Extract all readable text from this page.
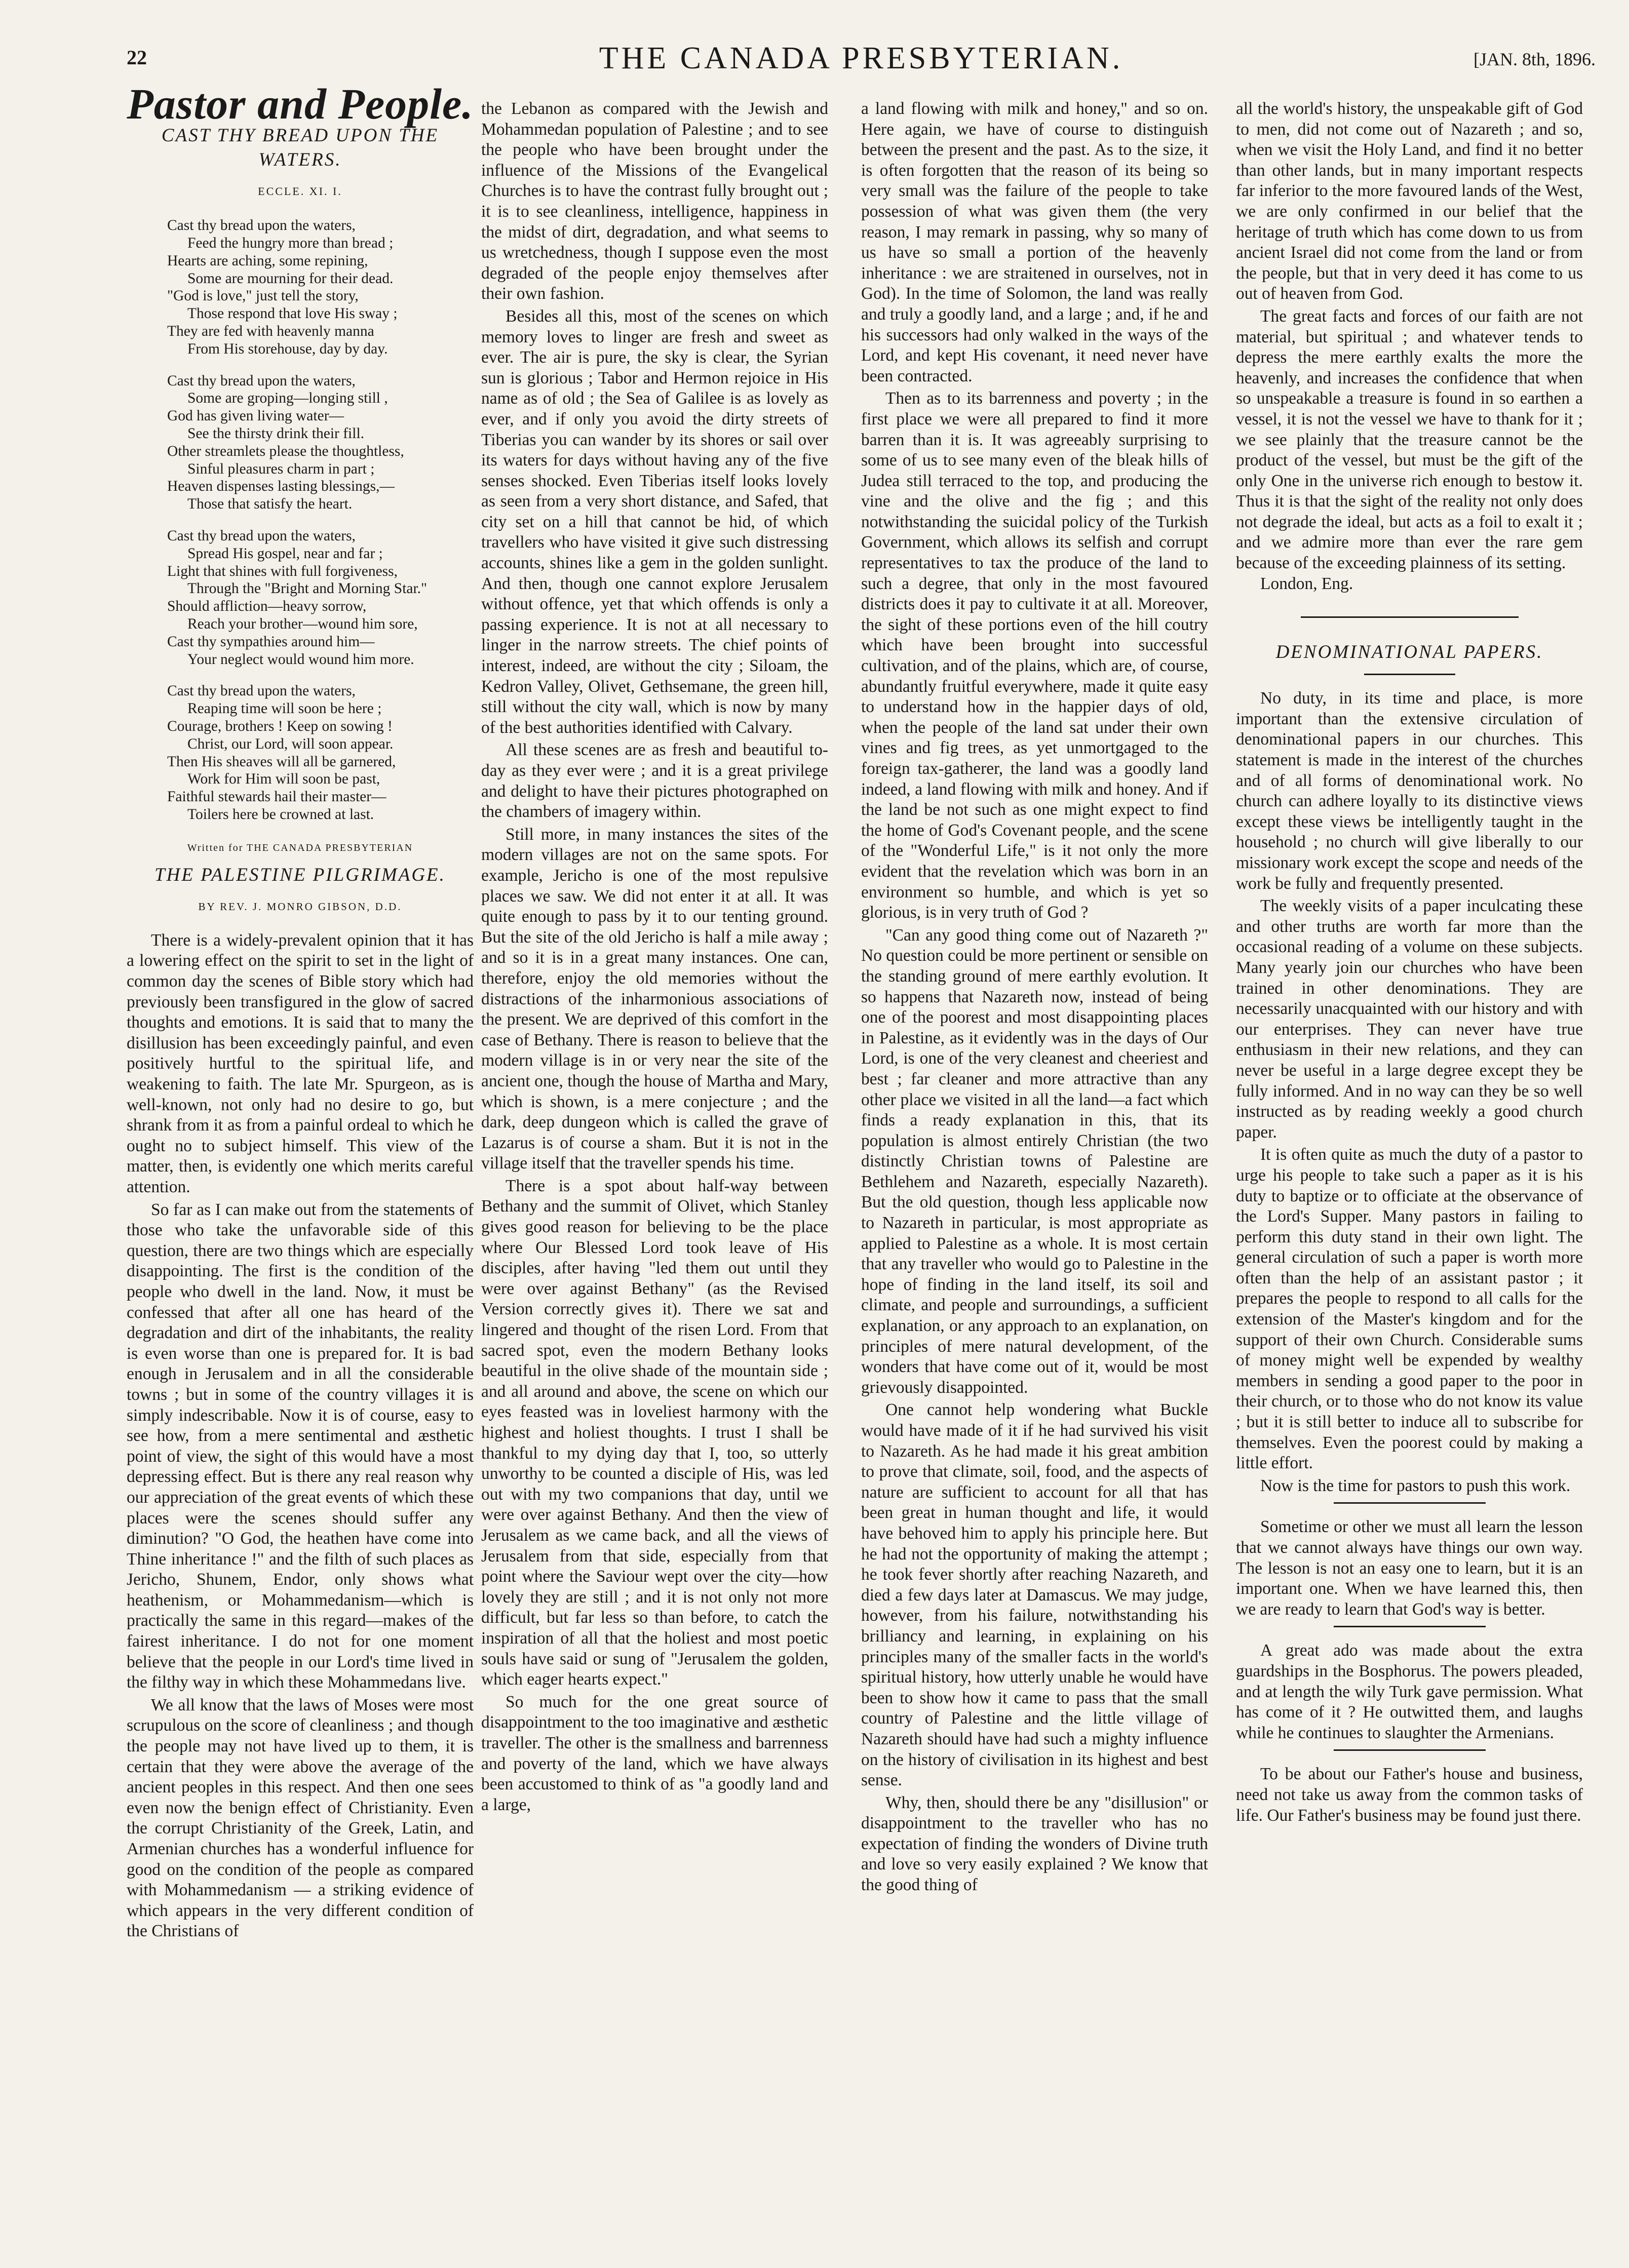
22	THE CANADA PRESBYTERIAN.	[JAN. 8th, 1896.
Pastor and People.
CAST THY BREAD UPON THE WATERS.
ECCLE. XI. I.
Cast thy bread upon the waters,
Feed the hungry more than bread ;
Hearts are aching, some repining,
Some are mourning for their dead.
"God is love," just tell the story,
Those respond that love His sway ;
They are fed with heavenly manna
From His storehouse, day by day.
Cast thy bread upon the waters,
Some are groping—longing still ,
God has given living water—
See the thirsty drink their fill.
Other streamlets please the thoughtless,
Sinful pleasures charm in part ;
Heaven dispenses lasting blessings,—
Those that satisfy the heart.
Cast thy bread upon the waters,
Spread His gospel, near and far ;
Light that shines with full forgiveness,
Through the "Bright and Morning Star."
Should affliction—heavy sorrow,
Reach your brother—wound him sore,
Cast thy sympathies around him—
Your neglect would wound him more.
Cast thy bread upon the waters,
Reaping time will soon be here ;
Courage, brothers ! Keep on sowing !
Christ, our Lord, will soon appear.
Then His sheaves will all be garnered,
Work for Him will soon be past,
Faithful stewards hail their master—
Toilers here be crowned at last.
Written for THE CANADA PRESBYTERIAN
THE PALESTINE PILGRIMAGE.
BY REV. J. MONRO GIBSON, D.D.

There is a widely-prevalent opinion that it has a lowering effect on the spirit to set in the light of common day the scenes of Bible story which had previously been transfigured in the glow of sacred thoughts and emotions. It is said that to many the disillusion has been exceedingly painful, and even positively hurtful to the spiritual life, and weakening to faith. The late Mr. Spurgeon, as is well-known, not only had no desire to go, but shrank from it as from a painful ordeal to which he ought no to subject himself. This view of the matter, then, is evidently one which merits careful attention.

So far as I can make out from the statements of those who take the unfavorable side of this question, there are two things which are especially disappointing. The first is the condition of the people who dwell in the land. Now, it must be confessed that after all one has heard of the degradation and dirt of the inhabitants, the reality is even worse than one is prepared for. It is bad enough in Jerusalem and in all the considerable towns ; but in some of the country villages it is simply indescribable. Now it is of course, easy to see how, from a mere sentimental and æsthetic point of view, the sight of this would have a most depressing effect. But is there any real reason why our appreciation of the great events of which these places were the scenes should suffer any diminution? "O God, the heathen have come into Thine inheritance !" and the filth of such places as Jericho, Shunem, Endor, only shows what heathenism, or Mohammedanism—which is practically the same in this regard—makes of the fairest inheritance. I do not for one moment believe that the people in our Lord's time lived in the filthy way in which these Mohammedans live.

We all know that the laws of Moses were most scrupulous on the score of cleanliness ; and though the people may not have lived up to them, it is certain that they were above the average of the ancient peoples in this respect. And then one sees even now the benign effect of Christianity. Even the corrupt Christianity of the Greek, Latin, and Armenian churches has a wonderful influence for good on the condition of the people as compared with Mohammedanism — a striking evidence of which appears in the very different condition of the Christians of

the Lebanon as compared with the Jewish and Mohammedan population of Palestine ; and to see the people who have been brought under the influence of the Missions of the Evangelical Churches is to have the contrast fully brought out ; it is to see cleanliness, intelligence, happiness in the midst of dirt, degradation, and what seems to us wretchedness, though I suppose even the most degraded of the people enjoy themselves after their own fashion.

Besides all this, most of the scenes on which memory loves to linger are fresh and sweet as ever. The air is pure, the sky is clear, the Syrian sun is glorious ; Tabor and Hermon rejoice in His name as of old ; the Sea of Galilee is as lovely as ever, and if only you avoid the dirty streets of Tiberias you can wander by its shores or sail over its waters for days without having any of the five senses shocked. Even Tiberias itself looks lovely as seen from a very short distance, and Safed, that city set on a hill that cannot be hid, of which travellers who have visited it give such distressing accounts, shines like a gem in the golden sunlight. And then, though one cannot explore Jerusalem without offence, yet that which offends is only a passing experience. It is not at all necessary to linger in the narrow streets. The chief points of interest, indeed, are without the city ; Siloam, the Kedron Valley, Olivet, Gethsemane, the green hill, still without the city wall, which is now by many of the best authorities identified with Calvary.

All these scenes are as fresh and beautiful to-day as they ever were ; and it is a great privilege and delight to have their pictures photographed on the chambers of imagery within.

Still more, in many instances the sites of the modern villages are not on the same spots. For example, Jericho is one of the most repulsive places we saw. We did not enter it at all. It was quite enough to pass by it to our tenting ground. But the site of the old Jericho is half a mile away ; and so it is in a great many instances. One can, therefore, enjoy the old memories without the distractions of the inharmonious associations of the present. We are deprived of this comfort in the case of Bethany. There is reason to believe that the modern village is in or very near the site of the ancient one, though the house of Martha and Mary, which is shown, is a mere conjecture ; and the dark, deep dungeon which is called the grave of Lazarus is of course a sham. But it is not in the village itself that the traveller spends his time.

There is a spot about half-way between Bethany and the summit of Olivet, which Stanley gives good reason for believing to be the place where Our Blessed Lord took leave of His disciples, after having "led them out until they were over against Bethany" (as the Revised Version correctly gives it). There we sat and lingered and thought of the risen Lord. From that sacred spot, even the modern Bethany looks beautiful in the olive shade of the mountain side ; and all around and above, the scene on which our eyes feasted was in loveliest harmony with the highest and holiest thoughts. I trust I shall be thankful to my dying day that I, too, so utterly unworthy to be counted a disciple of His, was led out with my two companions that day, until we were over against Bethany. And then the view of Jerusalem as we came back, and all the views of Jerusalem from that side, especially from that point where the Saviour wept over the city—how lovely they are still ; and it is not only not more difficult, but far less so than before, to catch the inspiration of all that the holiest and most poetic souls have said or sung of "Jerusalem the golden, which eager hearts expect."

So much for the one great source of disappointment to the too imaginative and æsthetic traveller. The other is the smallness and barrenness and poverty of the land, which we have always been accustomed to think of as "a goodly land and a large,

a land flowing with milk and honey," and so on. Here again, we have of course to distinguish between the present and the past. As to the size, it is often forgotten that the reason of its being so very small was the failure of the people to take possession of what was given them (the very reason, I may remark in passing, why so many of us have so small a portion of the heavenly inheritance : we are straitened in ourselves, not in God). In the time of Solomon, the land was really and truly a goodly land, and a large ; and, if he and his successors had only walked in the ways of the Lord, and kept His covenant, it need never have been contracted.

Then as to its barrenness and poverty ; in the first place we were all prepared to find it more barren than it is. It was agreeably surprising to some of us to see many even of the bleak hills of Judea still terraced to the top, and producing the vine and the olive and the fig ; and this notwithstanding the suicidal policy of the Turkish Government, which allows its selfish and corrupt representatives to tax the produce of the land to such a degree, that only in the most favoured districts does it pay to cultivate it at all. Moreover, the sight of these portions even of the hill coutry which have been brought into successful cultivation, and of the plains, which are, of course, abundantly fruitful everywhere, made it quite easy to understand how in the happier days of old, when the people of the land sat under their own vines and fig trees, as yet unmortgaged to the foreign tax-gatherer, the land was a goodly land indeed, a land flowing with milk and honey. And if the land be not such as one might expect to find the home of God's Covenant people, and the scene of the "Wonderful Life," is it not only the more evident that the revelation which was born in an environment so humble, and which is yet so glorious, is in very truth of God ?

"Can any good thing come out of Nazareth ?" No question could be more pertinent or sensible on the standing ground of mere earthly evolution. It so happens that Nazareth now, instead of being one of the poorest and most disappointing places in Palestine, as it evidently was in the days of Our Lord, is one of the very cleanest and cheeriest and best ; far cleaner and more attractive than any other place we visited in all the land—a fact which finds a ready explanation in this, that its population is almost entirely Christian (the two distinctly Christian towns of Palestine are Bethlehem and Nazareth, especially Nazareth). But the old question, though less applicable now to Nazareth in particular, is most appropriate as applied to Palestine as a whole. It is most certain that any traveller who would go to Palestine in the hope of finding in the land itself, its soil and climate, and people and surroundings, a sufficient explanation, or any approach to an explanation, on principles of mere natural development, of the wonders that have come out of it, would be most grievously disappointed.

One cannot help wondering what Buckle would have made of it if he had survived his visit to Nazareth. As he had made it his great ambition to prove that climate, soil, food, and the aspects of nature are sufficient to account for all that has been great in human thought and life, it would have behoved him to apply his principle here. But he had not the opportunity of making the attempt ; he took fever shortly after reaching Nazareth, and died a few days later at Damascus. We may judge, however, from his failure, notwithstanding his brilliancy and learning, in explaining on his principles many of the smaller facts in the world's spiritual history, how utterly unable he would have been to show how it came to pass that the small country of Palestine and the little village of Nazareth should have had such a mighty influence on the history of civilisation in its highest and best sense.

Why, then, should there be any "disillusion" or disappointment to the traveller who has no expectation of finding the wonders of Divine truth and love so very easily explained ? We know that the good thing of

all the world's history, the unspeakable gift of God to men, did not come out of Nazareth ; and so, when we visit the Holy Land, and find it no better than other lands, but in many important respects far inferior to the more favoured lands of the West, we are only confirmed in our belief that the heritage of truth which has come down to us from ancient Israel did not come from the land or from the people, but that in very deed it has come to us out of heaven from God.

The great facts and forces of our faith are not material, but spiritual ; and whatever tends to depress the mere earthly exalts the more the heavenly, and increases the confidence that when so unspeakable a treasure is found in so earthen a vessel, it is not the vessel we have to thank for it ; we see plainly that the treasure cannot be the product of the vessel, but must be the gift of the only One in the universe rich enough to bestow it. Thus it is that the sight of the reality not only does not degrade the ideal, but acts as a foil to exalt it ; and we admire more than ever the rare gem because of the exceeding plainness of its setting.

London, Eng.
DENOMINATIONAL PAPERS.

No duty, in its time and place, is more important than the extensive circulation of denominational papers in our churches. This statement is made in the interest of the churches and of all forms of denominational work. No church can adhere loyally to its distinctive views except these views be intelligently taught in the household ; no church will give liberally to our missionary work except the scope and needs of the work be fully and frequently presented.

The weekly visits of a paper inculcating these and other truths are worth far more than the occasional reading of a volume on these subjects. Many yearly join our churches who have been trained in other denominations. They are necessarily unacquainted with our history and with our enterprises. They can never have true enthusiasm in their new relations, and they can never be useful in a large degree except they be fully informed. And in no way can they be so well instructed as by reading weekly a good church paper.

It is often quite as much the duty of a pastor to urge his people to take such a paper as it is his duty to baptize or to officiate at the observance of the Lord's Supper. Many pastors in failing to perform this duty stand in their own light. The general circulation of such a paper is worth more often than the help of an assistant pastor ; it prepares the people to respond to all calls for the extension of the Master's kingdom and for the support of their own Church. Considerable sums of money might well be expended by wealthy members in sending a good paper to the poor in their church, or to those who do not know its value ; but it is still better to induce all to subscribe for themselves. Even the poorest could by making a little effort.

Now is the time for pastors to push this work.

Sometime or other we must all learn the lesson that we cannot always have things our own way. The lesson is not an easy one to learn, but it is an important one. When we have learned this, then we are ready to learn that God's way is better.

A great ado was made about the extra guardships in the Bosphorus. The powers pleaded, and at length the wily Turk gave permission. What has come of it ? He outwitted them, and laughs while he continues to slaughter the Armenians.

To be about our Father's house and business, need not take us away from the common tasks of life. Our Father's business may be found just there.
